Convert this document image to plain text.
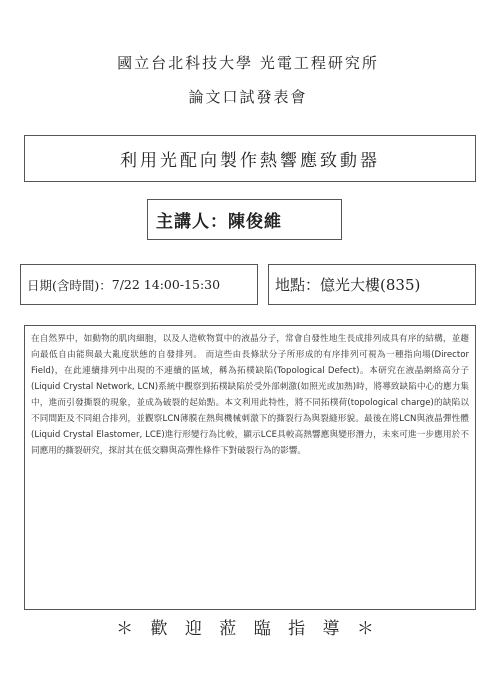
國立台北科技大學 光電工程研究所
論文口試發表會
利用光配向製作熱響應致動器
主講人： 陳俊維
日期(含時間)： 7/22 14:00-15:30	地點： 億光大樓(835)

在自然界中，如動物的肌肉細胞，以及人造軟物質中的液晶分子，常會自發性地生長成排列成具有序的結構，並趨向最低自由能與最大亂度狀態的自發排列。 而這些由長條狀分子所形成的有序排列可視為一種指向場(Director Field)，在此連續排列中出現的不連續的區域，稱為拓樸缺陷(Topological Defect)。本研究在液晶網絡高分子(Liquid Crystal Network, LCN)系統中觀察到拓樸缺陷於受外部刺激(如照光或加熱)時，將導致缺陷中心的應力集中，進而引發撕裂的現象，並成為破裂的起始點。本文利用此特性，將不同拓樸荷(topological charge)的缺陷以不同間距及不同組合排列，並觀察LCN薄膜在熱與機械刺激下的撕裂行為與裂縫形貌。最後在將LCN與液晶彈性體(Liquid Crystal Elastomer, LCE)進行形變行為比較，顯示LCE具較高熱響應與變形潛力，未來可進一步應用於不同應用的撕裂研究，探討其在低交聯與高彈性條件下對破裂行為的影響。

＊ 歡 迎 蒞 臨 指 導 ＊
